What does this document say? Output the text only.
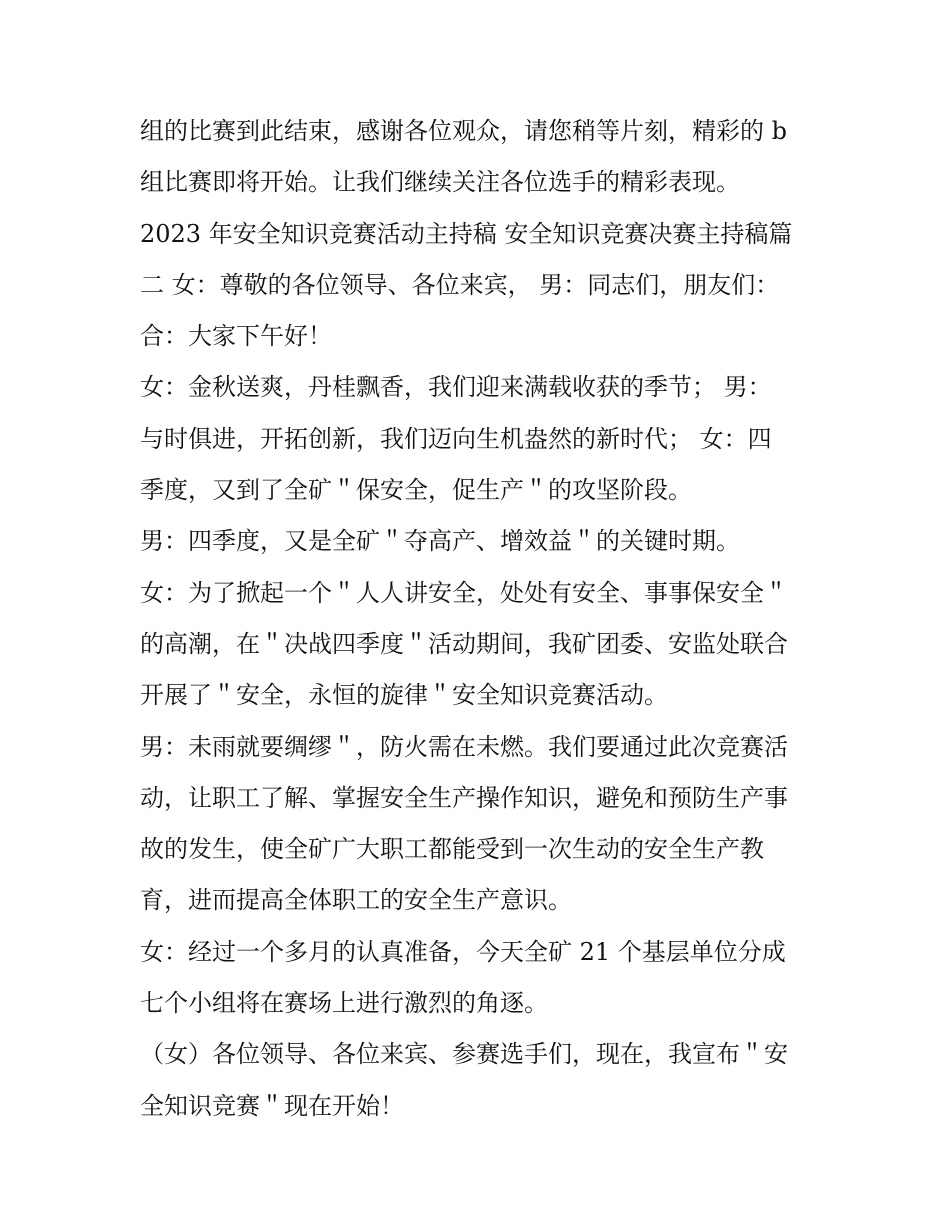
组的比赛到此结束，感谢各位观众，请您稍等片刻，精彩的 b
组比赛即将开始。让我们继续关注各位选手的精彩表现。
2023 年安全知识竞赛活动主持稿 安全知识竞赛决赛主持稿篇
二 女：尊敬的各位领导、各位来宾， 男：同志们，朋友们：
合：大家下午好！
女：金秋送爽，丹桂飘香，我们迎来满载收获的季节； 男：
与时俱进，开拓创新，我们迈向生机盎然的新时代； 女：四
季度，又到了全矿＂保安全，促生产＂的攻坚阶段。
男：四季度，又是全矿＂夺高产、增效益＂的关键时期。
女：为了掀起一个＂人人讲安全，处处有安全、事事保安全＂
的高潮，在＂决战四季度＂活动期间，我矿团委、安监处联合
开展了＂安全，永恒的旋律＂安全知识竞赛活动。
男：未雨就要绸缪＂，防火需在未燃。我们要通过此次竞赛活
动，让职工了解、掌握安全生产操作知识，避免和预防生产事
故的发生，使全矿广大职工都能受到一次生动的安全生产教
育，进而提高全体职工的安全生产意识。
女：经过一个多月的认真准备，今天全矿 21 个基层单位分成
七个小组将在赛场上进行激烈的角逐。
（女）各位领导、各位来宾、参赛选手们，现在，我宣布＂安
全知识竞赛＂现在开始！
